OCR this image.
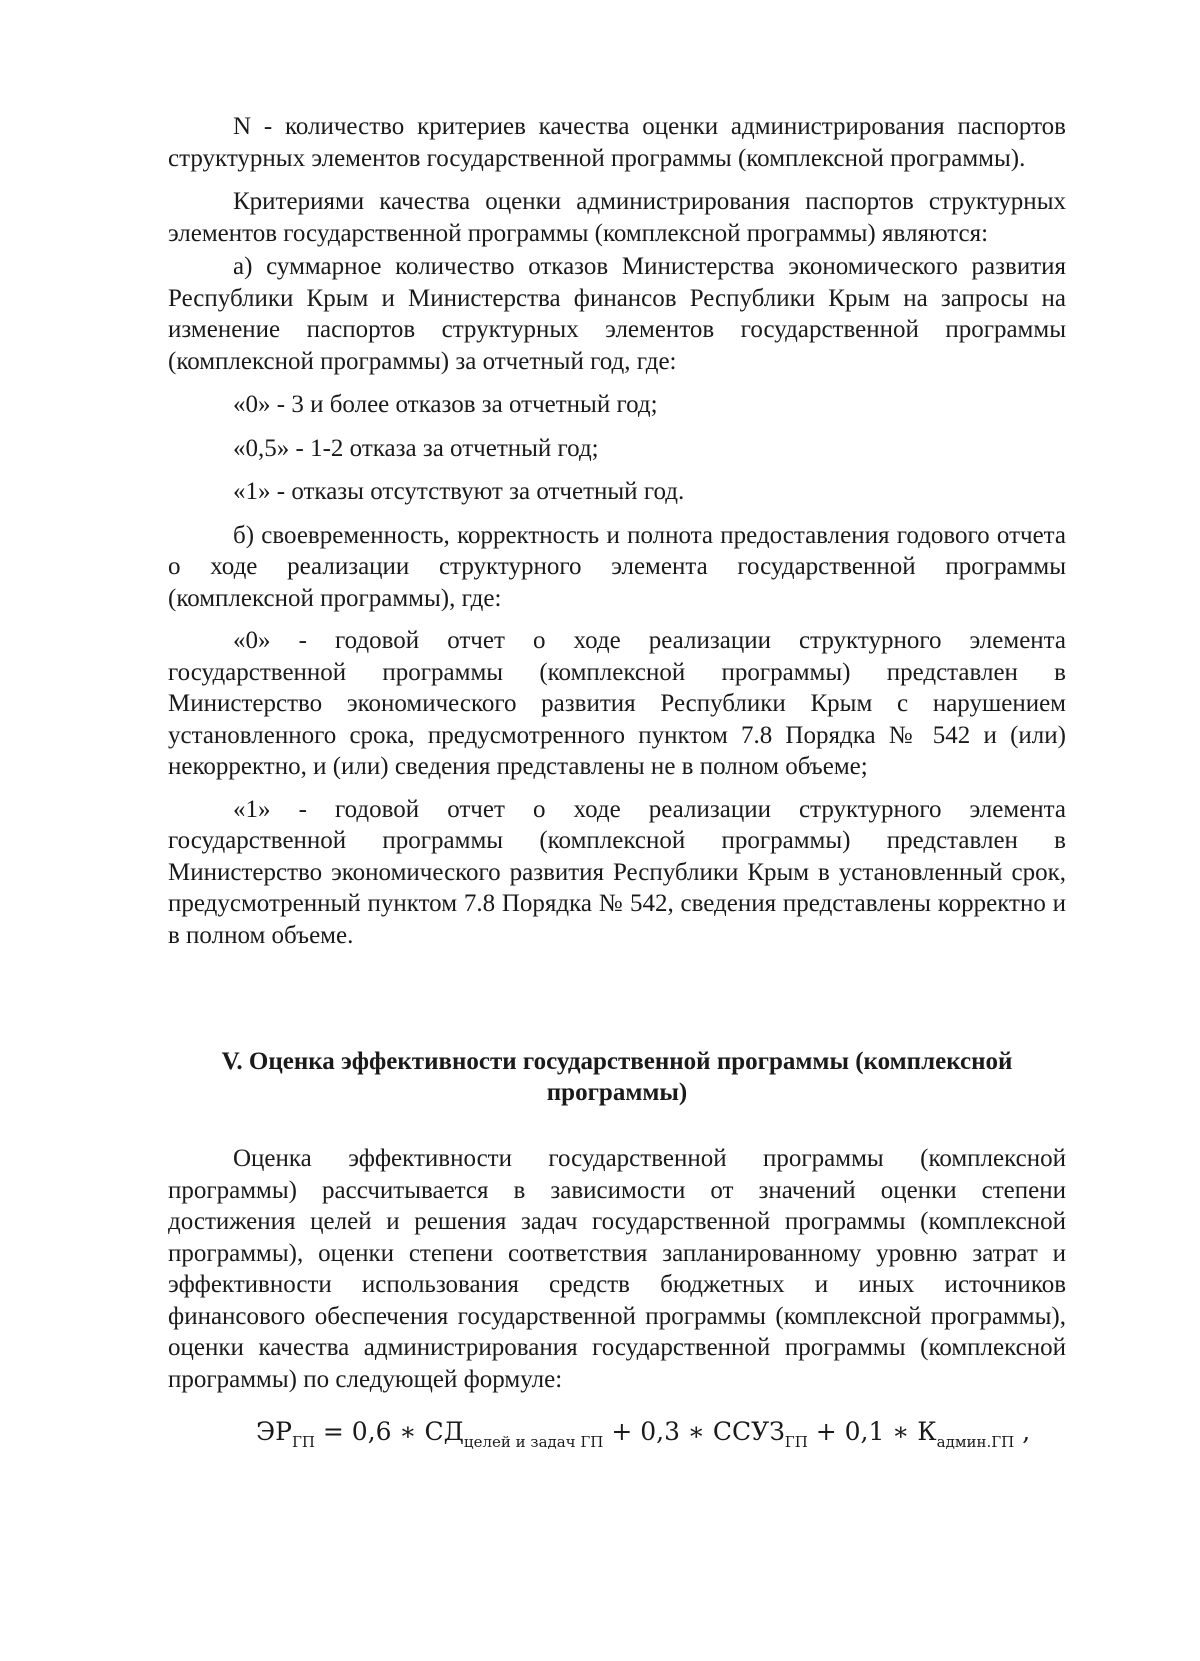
N - количество критериев качества оценки администрирования паспортов структурных элементов государственной программы (комплексной программы).

Критериями качества оценки администрирования паспортов структурных элементов государственной программы (комплексной программы) являются:

а) суммарное количество отказов Министерства экономического развития Республики Крым и Министерства финансов Республики Крым на запросы на изменение паспортов структурных элементов государственной программы (комплексной программы) за отчетный год, где:

«0» - 3 и более отказов за отчетный год;

«0,5» - 1-2 отказа за отчетный год;

«1» - отказы отсутствуют за отчетный год.

б) своевременность, корректность и полнота предоставления годового отчета о ходе реализации структурного элемента государственной программы (комплексной программы), где:

«0» - годовой отчет о ходе реализации структурного элемента государственной программы (комплексной программы) представлен в Министерство экономического развития Республики Крым с нарушением установленного срока, предусмотренного пунктом 7.8 Порядка № 542 и (или) некорректно, и (или) сведения представлены не в полном объеме;

«1» - годовой отчет о ходе реализации структурного элемента государственной программы (комплексной программы) представлен в Министерство экономического развития Республики Крым в установленный срок, предусмотренный пунктом 7.8 Порядка № 542, сведения представлены корректно и в полном объеме.

V. Оценка эффективности государственной программы (комплексной
программы)

Оценка эффективности государственной программы (комплексной программы) рассчитывается в зависимости от значений оценки степени достижения целей и решения задач государственной программы (комплексной программы), оценки степени соответствия запланированному уровню затрат и эффективности использования средств бюджетных и иных источников финансового обеспечения государственной программы (комплексной программы), оценки качества администрирования государственной программы (комплексной программы) по следующей формуле:

$ЭР_{ГП} = 0,6$ ∗ $СД_{целей и задач ГП} + 0,3$ ∗ $ССУЗ_{ГП} + 0,1$ ∗ $К_{админ.ГП}$ ,
